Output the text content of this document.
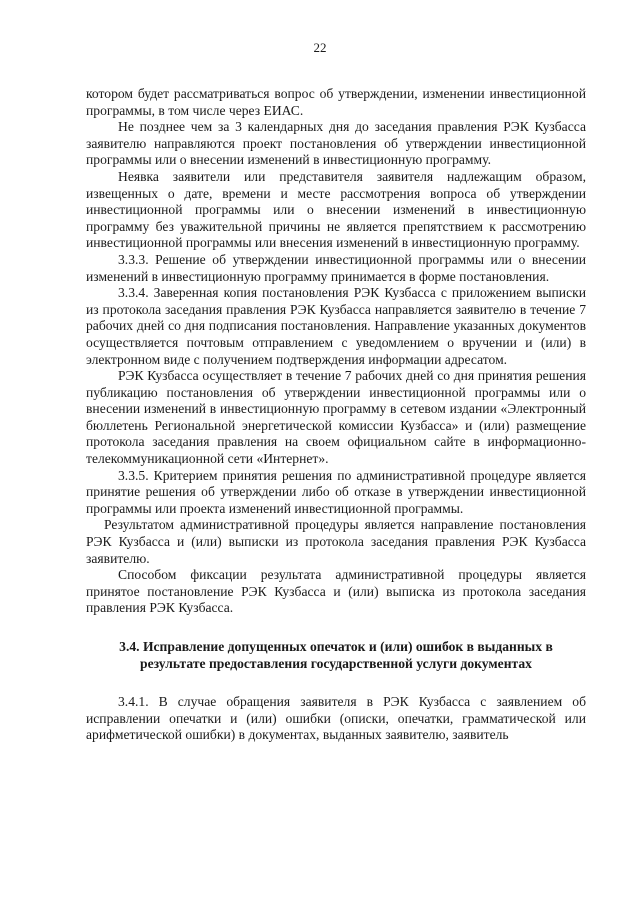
22

котором будет рассматриваться вопрос об утверждении, изменении инвестиционной программы, в том числе через ЕИАС.

Не позднее чем за 3 календарных дня до заседания правления РЭК Кузбасса заявителю направляются проект постановления об утверждении инвестиционной программы или о внесении изменений в инвестиционную программу.

Неявка заявители или представителя заявителя надлежащим образом, извещенных о дате, времени и месте рассмотрения вопроса об утверждении инвестиционной программы или о внесении изменений в инвестиционную программу без уважительной причины не является препятствием к рассмотрению инвестиционной программы или внесения изменений в инвестиционную программу.

3.3.3. Решение об утверждении инвестиционной программы или о внесении изменений в инвестиционную программу принимается в форме постановления.

3.3.4. Заверенная копия постановления РЭК Кузбасса с приложением выписки из протокола заседания правления РЭК Кузбасса направляется заявителю в течение 7 рабочих дней со дня подписания постановления. Направление указанных документов осуществляется почтовым отправлением с уведомлением о вручении и (или) в электронном виде с получением подтверждения информации адресатом.

РЭК Кузбасса осуществляет в течение 7 рабочих дней со дня принятия решения публикацию постановления об утверждении инвестиционной программы или о внесении изменений в инвестиционную программу в сетевом издании «Электронный бюллетень Региональной энергетической комиссии Кузбасса» и (или) размещение протокола заседания правления на своем официальном сайте в информационно-телекоммуникационной сети «Интернет».

3.3.5. Критерием принятия решения по административной процедуре является принятие решения об утверждении либо об отказе в утверждении инвестиционной программы или проекта изменений инвестиционной программы.

Результатом административной процедуры является направление постановления РЭК Кузбасса и (или) выписки из протокола заседания правления РЭК Кузбасса заявителю.

Способом фиксации результата административной процедуры является принятое постановление РЭК Кузбасса и (или) выписка из протокола заседания правления РЭК Кузбасса.

3.4. Исправление допущенных опечаток и (или) ошибок в выданных в результате предоставления государственной услуги документах

3.4.1. В случае обращения заявителя в РЭК Кузбасса с заявлением об исправлении опечатки и (или) ошибки (описки, опечатки, грамматической или арифметической ошибки) в документах, выданных заявителю, заявитель
